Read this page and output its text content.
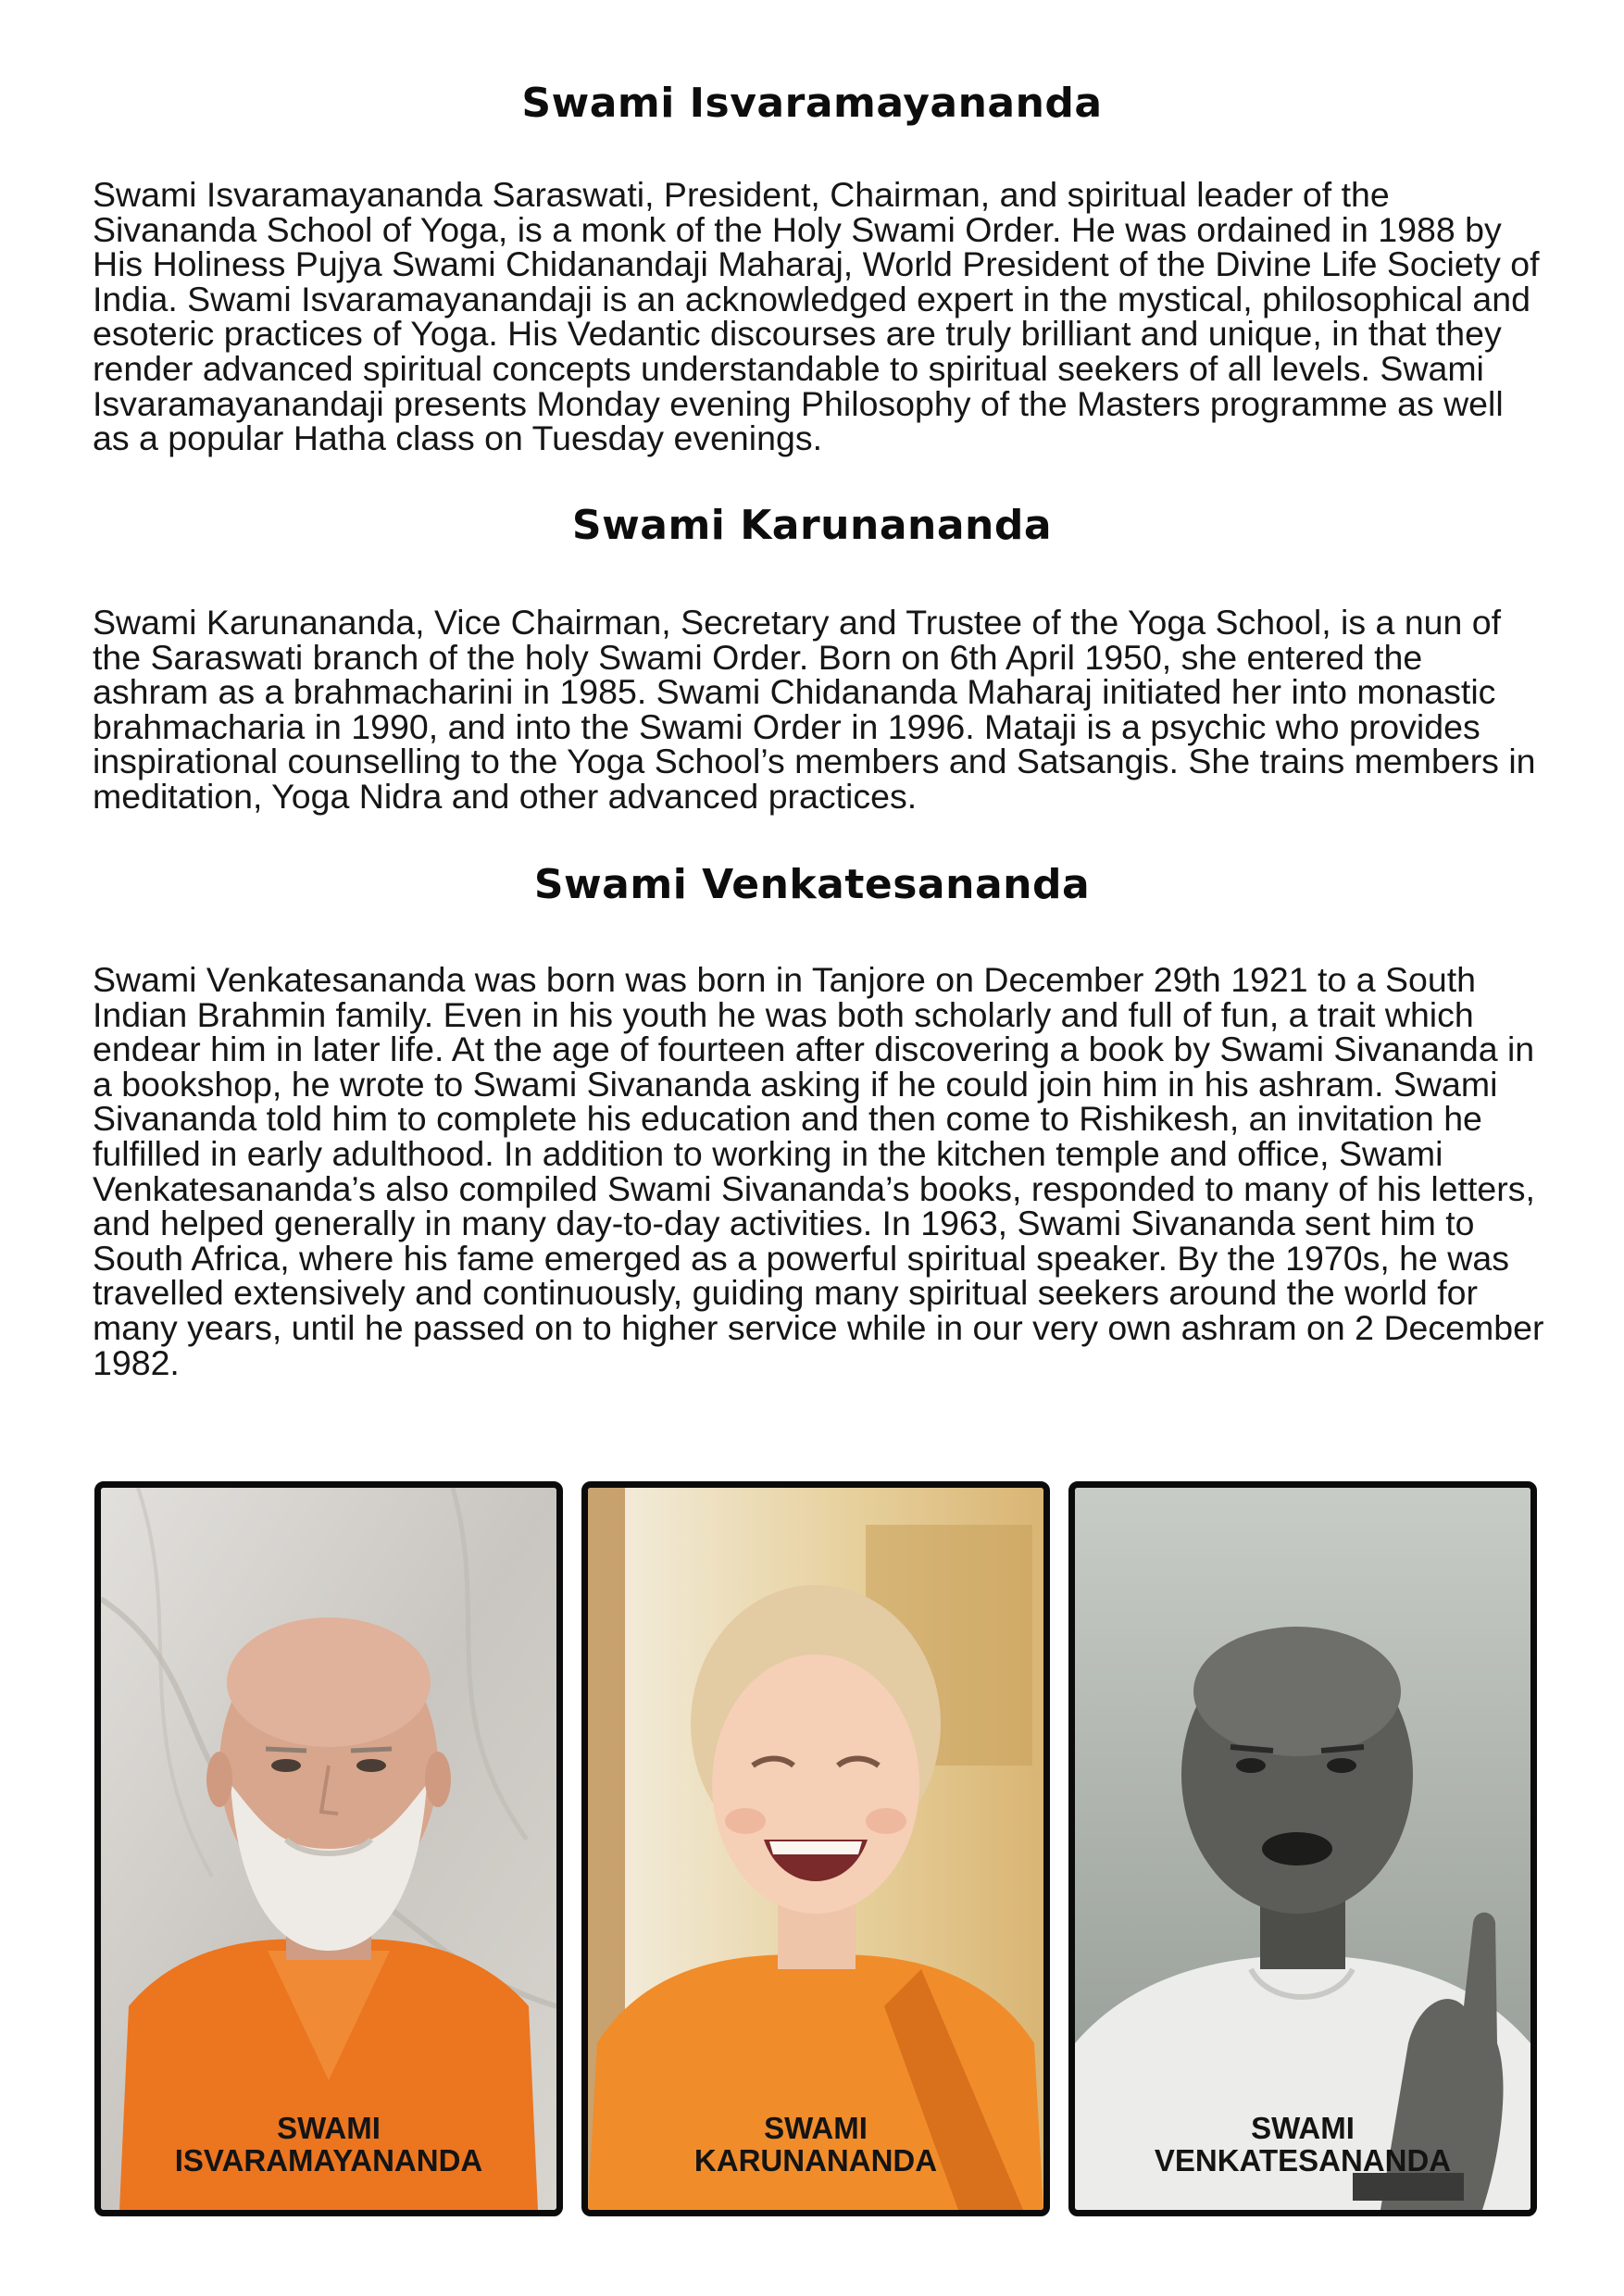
Swami Isvaramayananda

Swami Isvaramayananda Saraswati, President, Chairman, and spiritual leader of the Sivananda School of Yoga, is a monk of the Holy Swami Order. He was ordained in 1988 by His Holiness Pujya Swami Chidanandaji Maharaj, World President of the Divine Life Society of India. Swami Isvaramayanandaji is an acknowledged expert in the mystical, philosophical and esoteric practices of Yoga. His Vedantic discourses are truly brilliant and unique, in that they render advanced spiritual concepts understandable to spiritual seekers of all levels. Swami Isvaramayanandaji presents Monday evening Philosophy of the Masters programme as well as a popular Hatha class on Tuesday evenings.

Swami Karunananda

Swami Karunananda, Vice Chairman, Secretary and Trustee of the Yoga School, is a nun of the Saraswati branch of the holy Swami Order. Born on 6th April 1950, she entered the ashram as a brahmacharini in 1985. Swami Chidananda Maharaj initiated her into monastic brahmacharia in 1990, and into the Swami Order in 1996. Mataji is a psychic who provides inspirational counselling to the Yoga School’s members and Satsangis. She trains members in meditation, Yoga Nidra and other advanced practices.

Swami Venkatesananda

Swami Venkatesananda was born was born in Tanjore on December 29th 1921 to a South Indian Brahmin family. Even in his youth he was both scholarly and full of fun, a trait which endear him in later life. At the age of fourteen after discovering a book by Swami Sivananda in a bookshop, he wrote to Swami Sivananda asking if he could join him in his ashram. Swami Sivananda told him to complete his education and then come to Rishikesh, an invitation he fulfilled in early adulthood. In addition to working in the kitchen temple and office, Swami Venkatesananda’s also compiled Swami Sivananda’s books, responded to many of his letters, and helped generally in many day-to-day activities. In 1963, Swami Sivananda sent him to South Africa, where his fame emerged as a powerful spiritual speaker. By the 1970s, he was travelled extensively and continuously, guiding many spiritual seekers around the world for many years, until he passed on to higher service while in our very own ashram on 2 December 1982.

SWAMI
ISVARAMAYANANDA
SWAMI
KARUNANANDA
SWAMI
VENKATESANANDA
